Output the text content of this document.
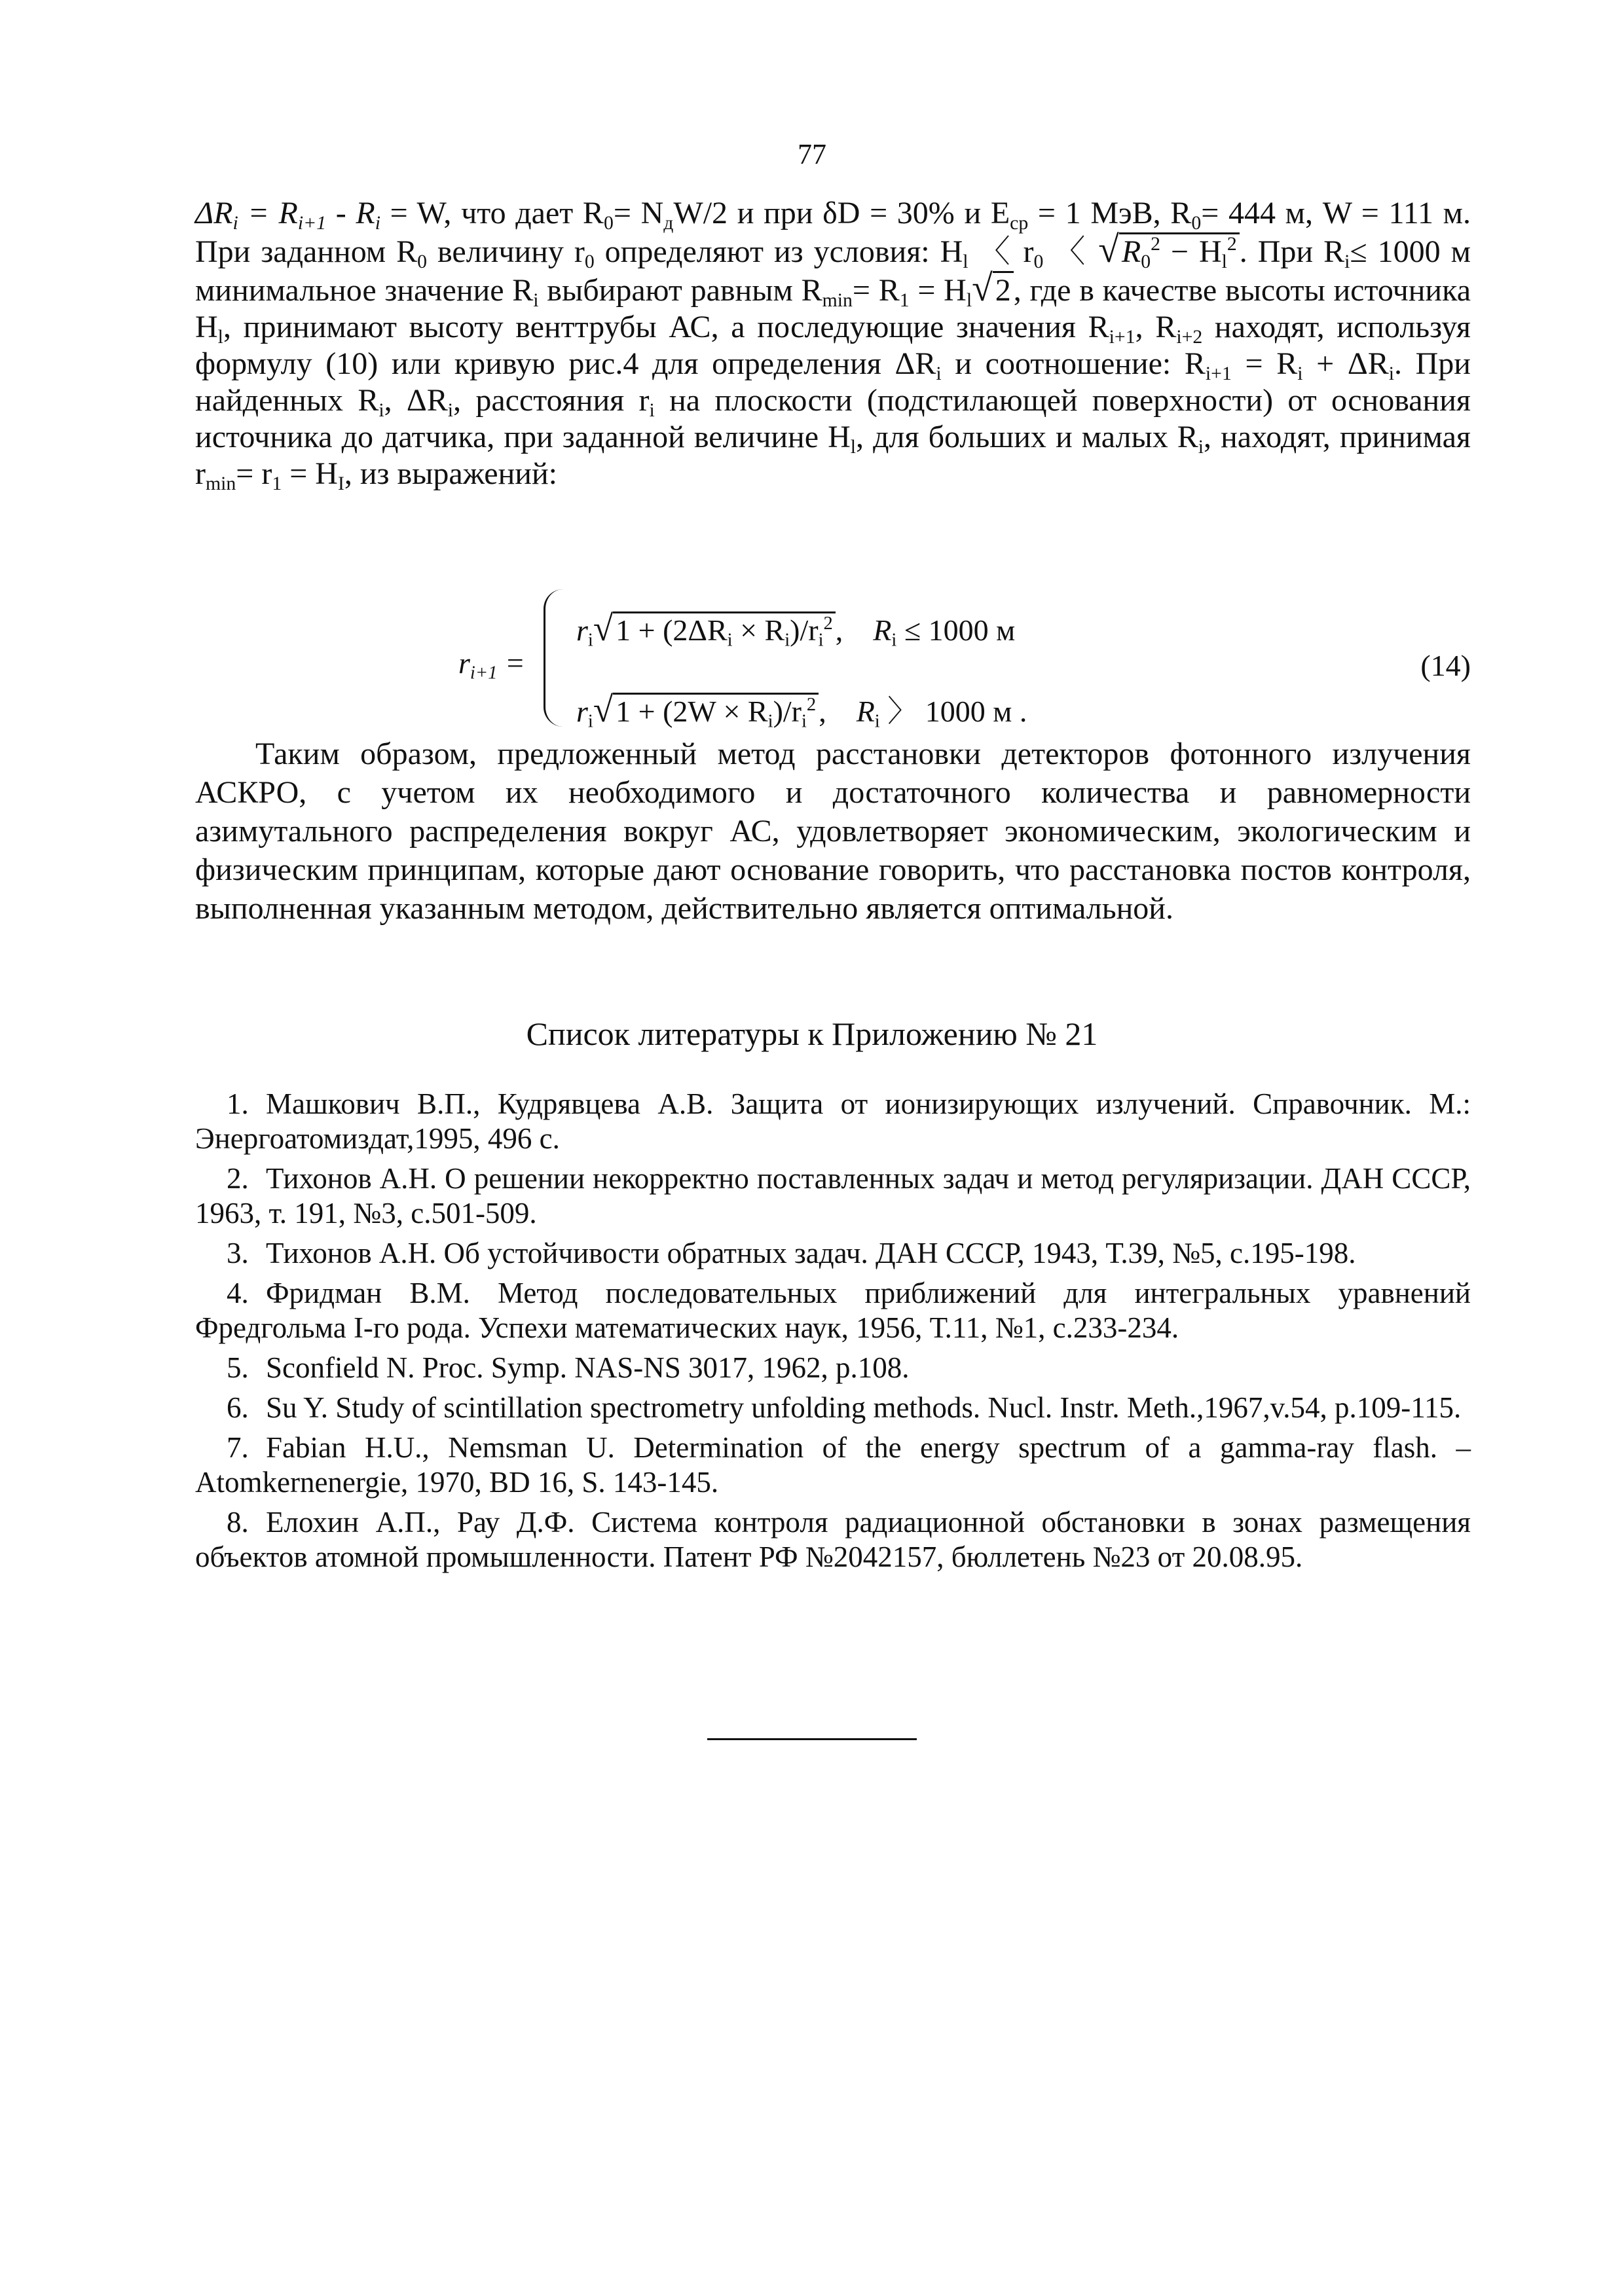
77

$\Delta R_i = R_{i+1} - R_i = W$, что дает $R_0= N_дW/2$ и при δD = 30% и $E_{ср} = 1$ МэВ, $R_0= 444$ м, W = 111 м. При заданном $R_0$ величину $r_0$ определяют из условия: $H_l$ 〈 $r_0$ 〈 $√R_0^2 - H_l^2$. При $R_i\le 1000$ м минимальное значение $R_i$ выбирают равным $R_{min}= R_1 = H_l√2$, где в качестве высоты источника $H_l$, принимают высоту венттрубы АС, а последующие значения $R_{i+1}$, $R_{i+2}$ находят, используя формулу (10) или кривую рис.4 для определения $\Delta R_i$ и соотношение: $R_{i+1} = R_i + \Delta R_i$. При найденных $R_i$, $\Delta R_i$, расстояния $r_i$ на плоскости (подстилающей поверхности) от основания источника до датчика, при заданной величине $H_l$, для больших и малых $R_i$, находят, принимая $r_{min}= r_1 = H_I$, из выражений:

$r_{i+1}$ =
$r_i√1 + (2\Delta R_i \times R_i)/r_i^2$, $R_i \le 1000$ м
$r_i√1 + (2W \times R_i)/r_i^2$, $R_i$ 〉 1000 м .
(14)

Таким образом, предложенный метод расстановки детекторов фотонного излучения АСКРО, с учетом их необходимого и достаточного количества и равномерности азимутального распределения вокруг АС, удовлетворяет экономическим, экологическим и физическим принципам, которые дают основание говорить, что расстановка постов контроля, выполненная указанным методом, действительно является оптимальной.

Список литературы к Приложению № 21
1. Машкович В.П., Кудрявцева А.В. Защита от ионизирующих излучений. Справочник. М.: Энергоатомиздат,1995, 496 с.
2. Тихонов А.Н. О решении некорректно поставленных задач и метод регуляризации. ДАН СССР, 1963, т. 191, №3, с.501-509.
3. Тихонов А.Н. Об устойчивости обратных задач. ДАН СССР, 1943, Т.39, №5, с.195-198.
4. Фридман В.М. Метод последовательных приближений для интегральных уравнений Фредгольма I-го рода. Успехи математических наук, 1956, Т.11, №1, с.233-234.
5. Sconfield N. Proc. Symp. NAS-NS 3017, 1962, p.108.
6. Su Y. Study of scintillation spectrometry unfolding methods. Nucl. Instr. Meth.,1967,v.54, p.109-115.
7. Fabian H.U., Nemsman U. Determination of the energy spectrum of a gamma-ray flash. – Atomkernenergie, 1970, BD 16, S. 143-145.
8. Елохин А.П., Рау Д.Ф. Система контроля радиационной обстановки в зонах размещения объектов атомной промышленности. Патент РФ №2042157, бюллетень №23 от 20.08.95.
